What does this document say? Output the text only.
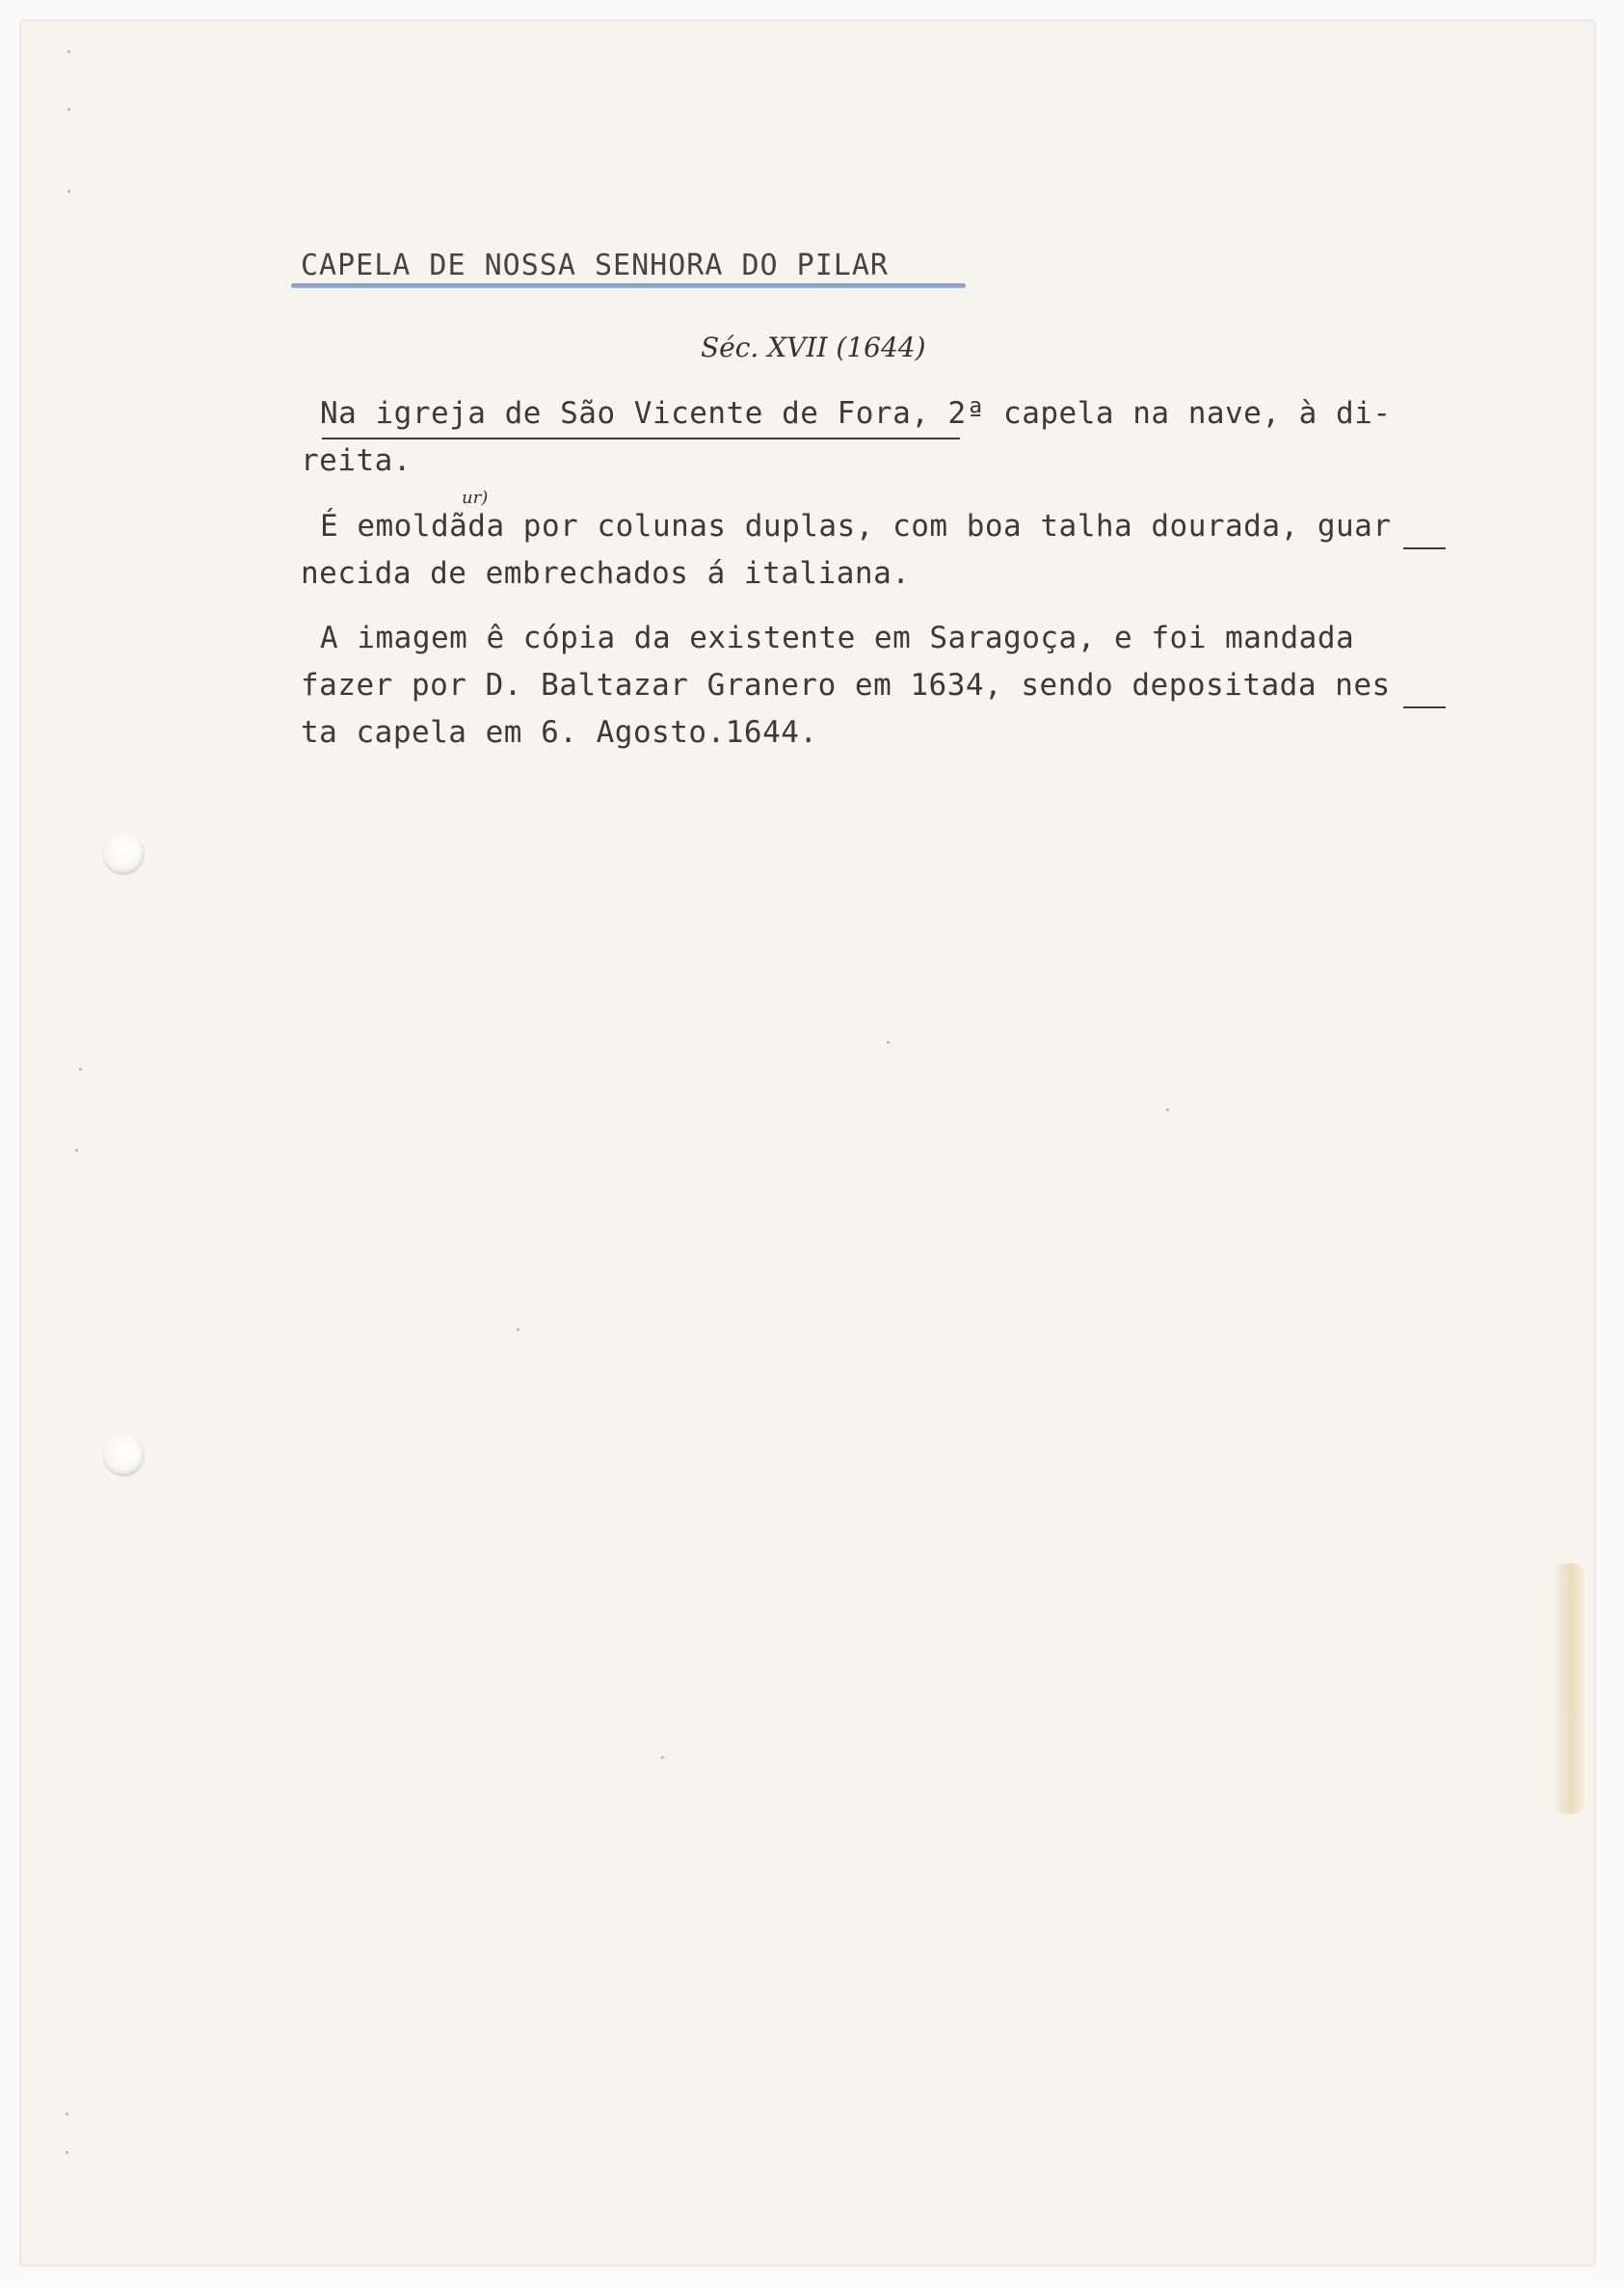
CAPELA DE NOSSA SENHORA DO PILAR
Séc. XVII (1644)
Na igreja de São Vicente de Fora, 2ª capela na nave, à di-
reita.
ur)
É emoldãda por colunas duplas, com boa talha dourada, guar
necida de embrechados á italiana.
A imagem ê cópia da existente em Saragoça, e foi mandada
fazer por D. Baltazar Granero em 1634, sendo depositada nes
ta capela em 6. Agosto.1644.
